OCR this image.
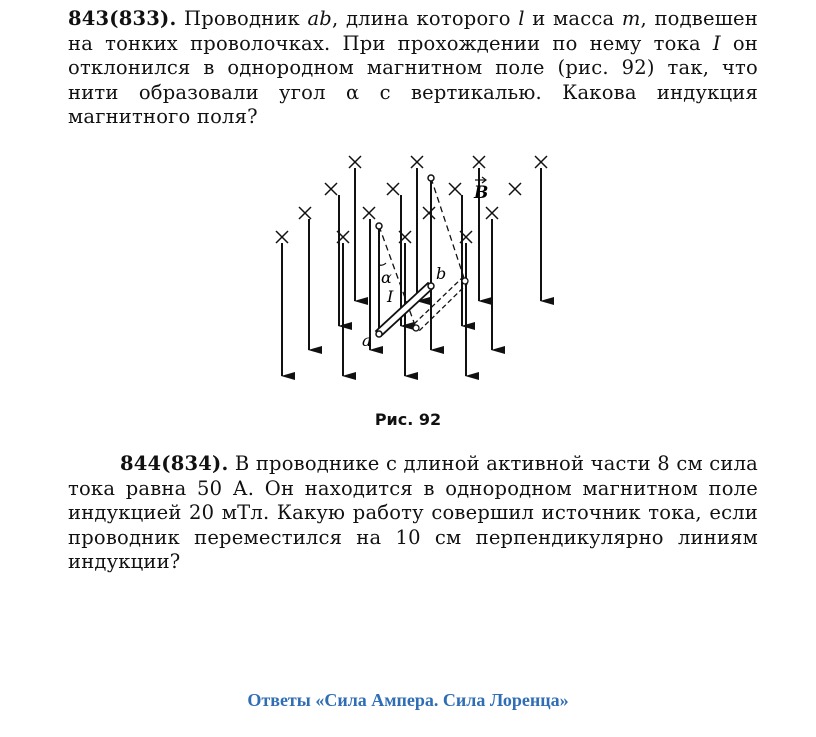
843(833). Проводник ab, длина которого l и масса m, подвешен на тонких проволочках. При прохождении по нему тока I он отклонился в однородном магнитном поле (рис. 92) так, что нити образовали угол α с вертикалью. Какова индукция магнитного поля?
B
α
I
a
b
Рис. 92
844(834). В проводнике с длиной активной части 8 см сила тока равна 50 А. Он находится в однородном магнитном поле индукцией 20 мТл. Какую работу совершил источник тока, если проводник переместился на 10 см перпендикулярно линиям индукции?
Ответы «Сила Ампера. Сила Лоренца»
